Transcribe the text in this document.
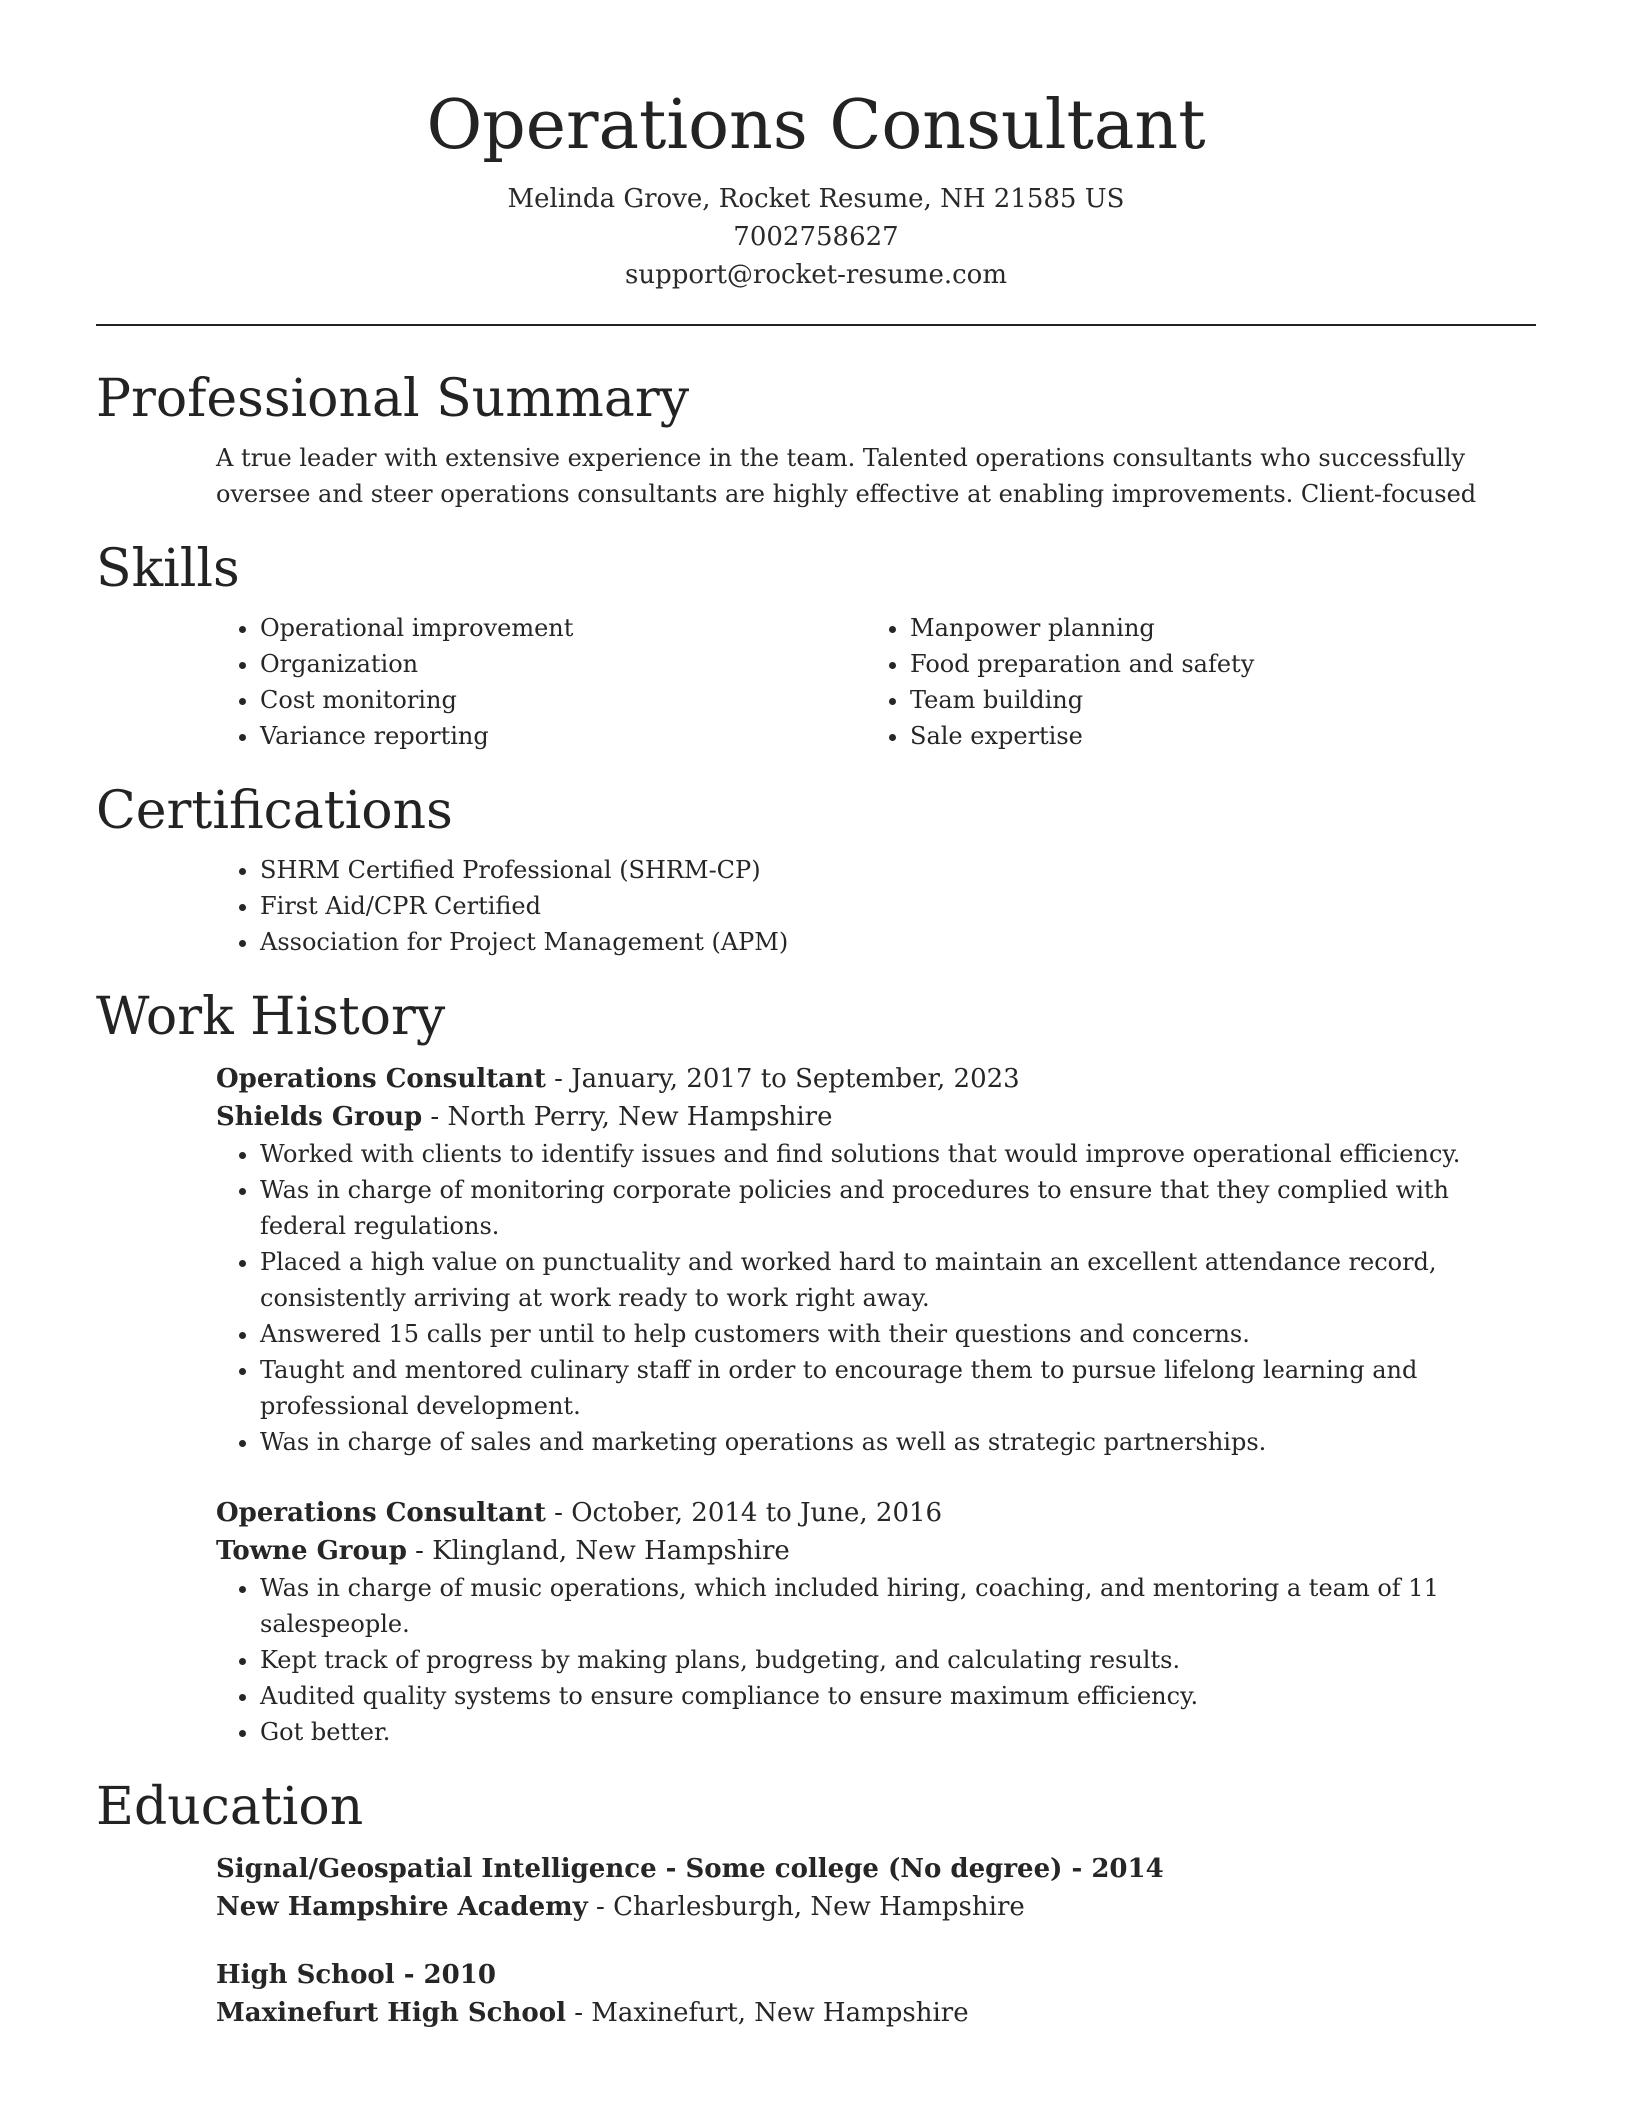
Operations Consultant
Melinda Grove, Rocket Resume, NH 21585 US
7002758627
support@rocket-resume.com
Professional Summary

A true leader with extensive experience in the team. Talented operations consultants who successfully oversee and steer operations consultants are highly effective at enabling improvements. Client-focused

Skills
• Operational improvement
• Organization
• Cost monitoring
• Variance reporting
• Manpower planning
• Food preparation and safety
• Team building
• Sale expertise
Certifications
• SHRM Certified Professional (SHRM-CP)
• First Aid/CPR Certified
• Association for Project Management (APM)
Work History
Operations Consultant - January, 2017 to September, 2023
Shields Group - North Perry, New Hampshire
• Worked with clients to identify issues and find solutions that would improve operational efficiency.
• Was in charge of monitoring corporate policies and procedures to ensure that they complied with federal regulations.
• Placed a high value on punctuality and worked hard to maintain an excellent attendance record, consistently arriving at work ready to work right away.
• Answered 15 calls per until to help customers with their questions and concerns.
• Taught and mentored culinary staff in order to encourage them to pursue lifelong learning and professional development.
• Was in charge of sales and marketing operations as well as strategic partnerships.
Operations Consultant - October, 2014 to June, 2016
Towne Group - Klingland, New Hampshire
• Was in charge of music operations, which included hiring, coaching, and mentoring a team of 11 salespeople.
• Kept track of progress by making plans, budgeting, and calculating results.
• Audited quality systems to ensure compliance to ensure maximum efficiency.
• Got better.
Education
Signal/Geospatial Intelligence - Some college (No degree) - 2014
New Hampshire Academy - Charlesburgh, New Hampshire
High School - 2010
Maxinefurt High School - Maxinefurt, New Hampshire
